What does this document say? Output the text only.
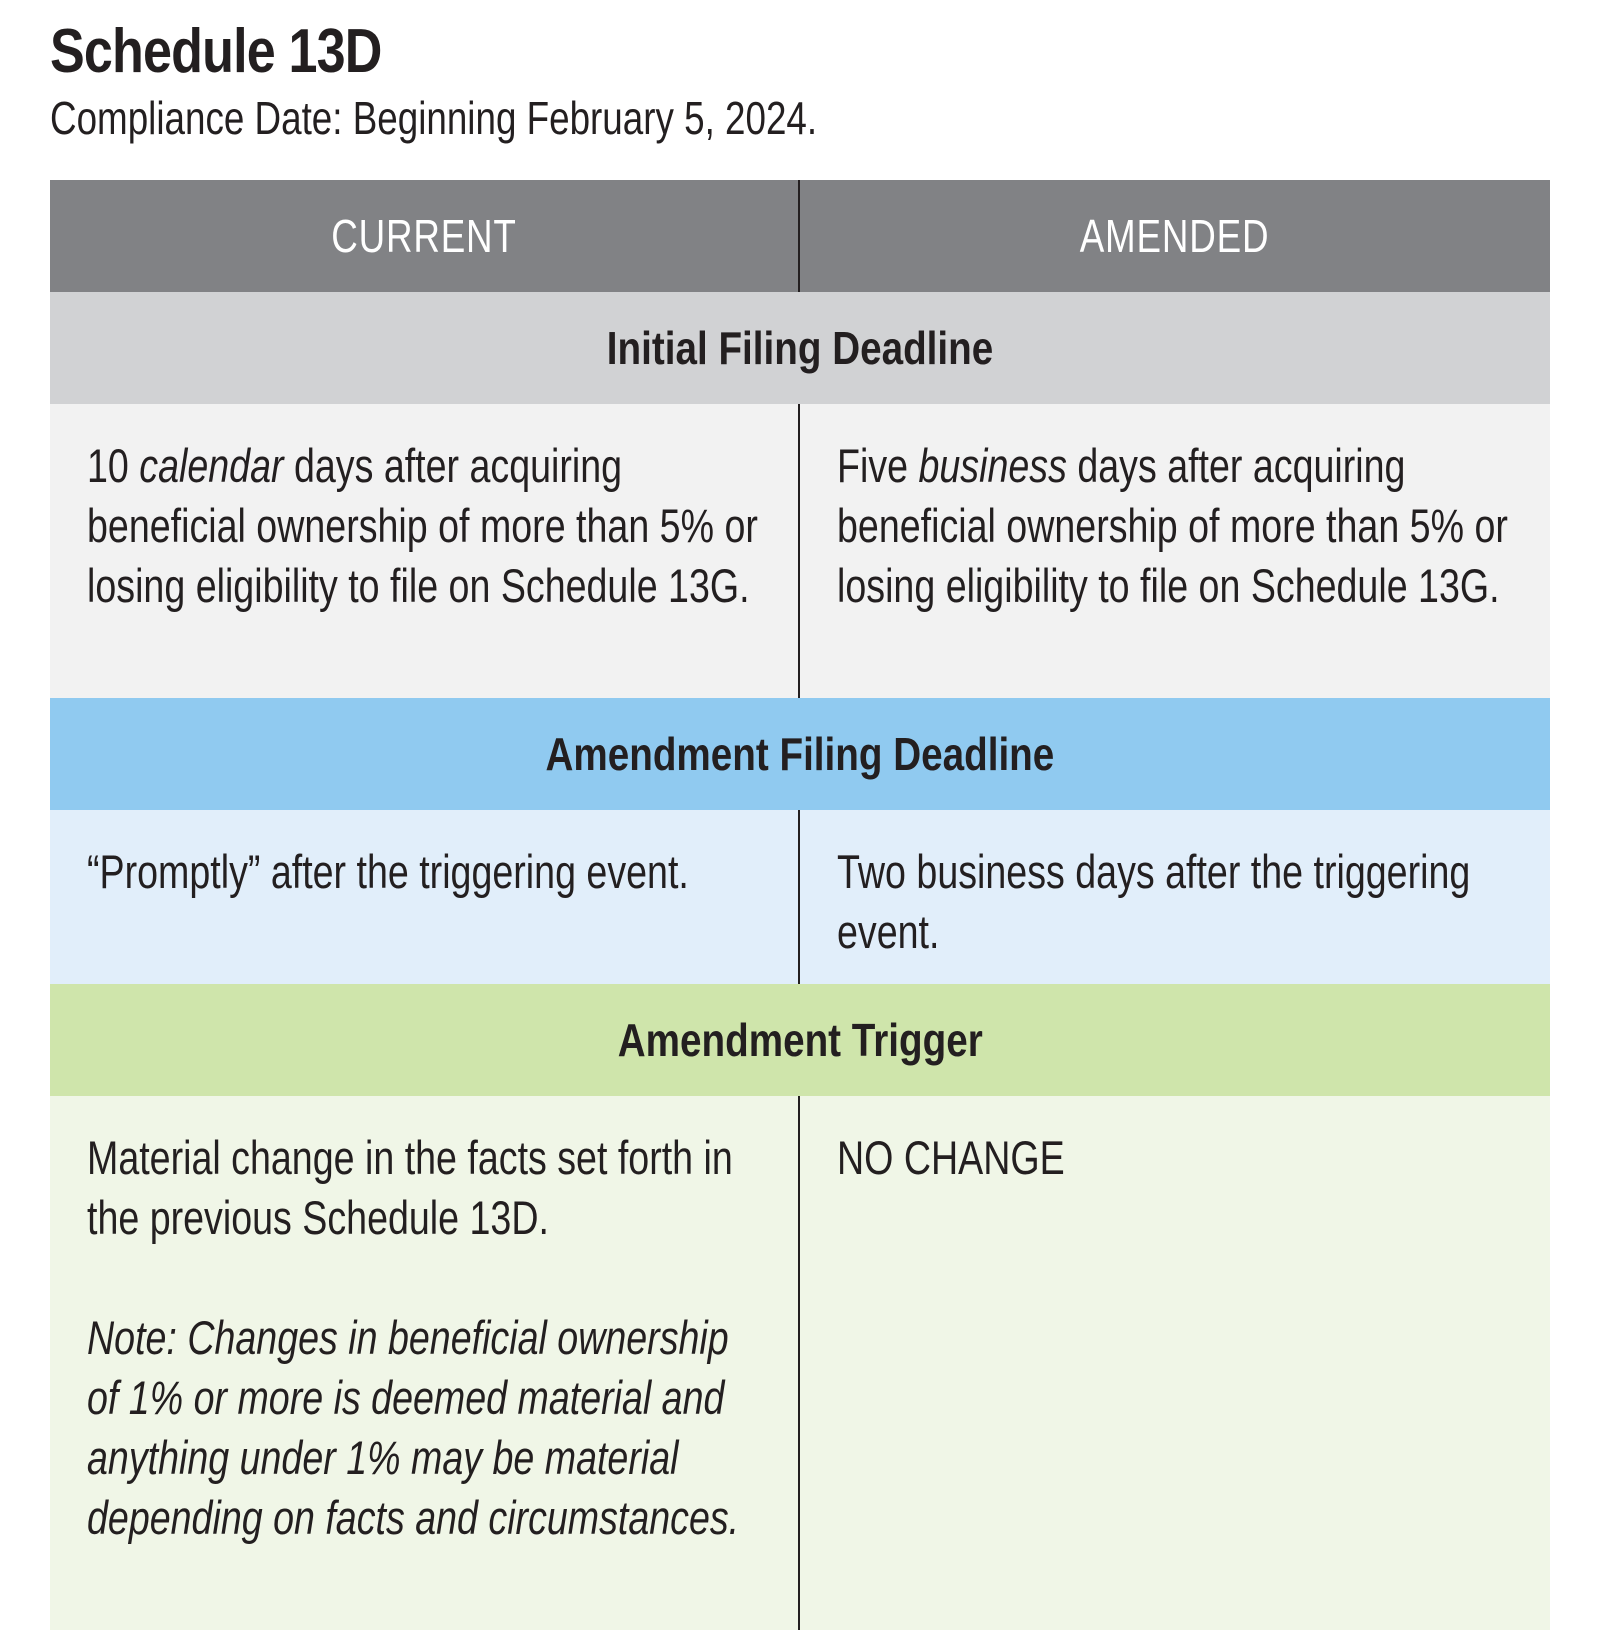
Schedule 13D
Compliance Date: Beginning February 5, 2024.
CURRENT	AMENDED
Initial Filing Deadline

10 calendar days after acquiring beneficial ownership of more than 5% or losing eligibility to file on Schedule 13G.

Five business days after acquiring beneficial ownership of more than 5% or losing eligibility to file on Schedule 13G.

Amendment Filing Deadline

“Promptly” after the triggering event.	Two business days after the triggering event.

Amendment Trigger

Material change in the facts set forth in the previous Schedule 13D.

Note: Changes in beneficial ownership of 1% or more is deemed material and anything under 1% may be material depending on facts and circumstances.

NO CHANGE
